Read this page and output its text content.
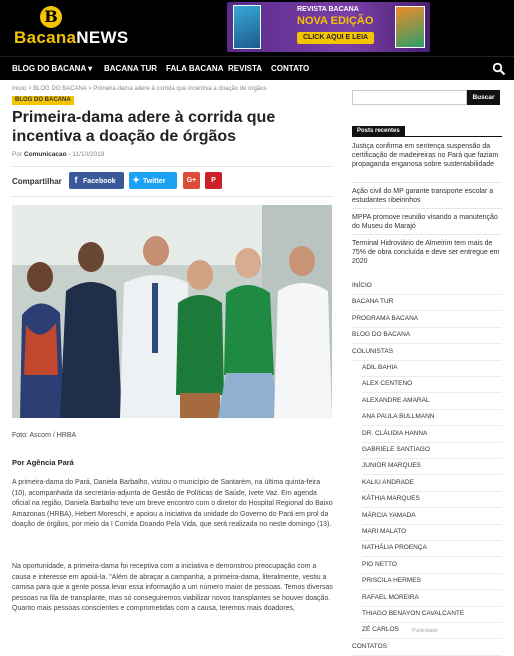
B
BacanaNEWS
REVISTA BACANA
NOVA EDIÇÃO
CLICK AQUI E LEIA
BLOG DO BACANA ▾ BACANA TUR FALA BACANA REVISTA CONTATO
Início > BLOG DO BACANA > Primeira-dama adere à corrida que incentiva a doação de órgãos
BLOG DO BACANA
Primeira-dama adere à corrida que incentiva a doação de órgãos
Por Comunicacao - 11/10/2019
Compartilhar	f Facebook	✦ Twitter	G+	P
Foto: Ascom / HRBA
Por Agência Pará

A primeira-dama do Pará, Daniela Barbalho, visitou o município de Santarém, na última quinta-feira (10), acompanhada da secretária-adjunta de Gestão de Políticas de Saúde, Ivete Vaz. Em agenda oficial na região, Daniela Barbalho teve um breve encontro com o diretor do Hospital Regional do Baixo Amazonas (HRBA), Hebert Moreschi, e apoiou a iniciativa da unidade do Governo do Pará em prol da doação de órgãos, por meio da I Corrida Doando Pela Vida, que será realizada no neste domingo (13).

Na oportunidade, a primeira-dama foi receptiva com a iniciativa e demonstrou preocupação com a causa e interesse em apoiá-la. "Além de abraçar a campanha, a primeira-dama, literalmente, vestiu a camisa para que a gente possa levar essa informação a um número maior de pessoas. Temos diversas pessoas na fila de transplante, mas só conseguiremos viabilizar novos transplantes se houver doação. Quanto mais pessoas conscientes e comprometidas com a causa, teremos mais doadores,

Buscar
Posts recentes
Justiça confirma em sentença suspensão da certificação de madeireiras no Pará que faziam propaganda enganosa sobre sustentabilidade
Ação civil do MP garante transporte escolar a estudantes ribeirinhos
MPPA promove reunião visando a manutenção do Museu do Marajó
Terminal Hidroviário de Almeirim tem mais de 75% de obra concluída e deve ser entregue em 2020
INÍCIO
BACANA TUR
PROGRAMA BACANA
BLOG DO BACANA
COLUNISTAS
ADIL BAHIA
ALEX CENTENO
ALEXANDRE AMARAL
ANA PAULA BULLMANN
DR. CLÁUDIA HANNA
GABRIELE SANTIAGO
JUNIOR MARQUES
KALIU ANDRADE
KÁTHIA MARQUES
MÁRCIA YAMADA
MARI MALATO
NATHÁLIA PROENÇA
PIO NETTO
PRISCILA HERMES
RAFAEL MOREIRA
THIAGO BENAYON CAVALCANTE
ZÉ CARLOS
CONTATOS
Publicidade
